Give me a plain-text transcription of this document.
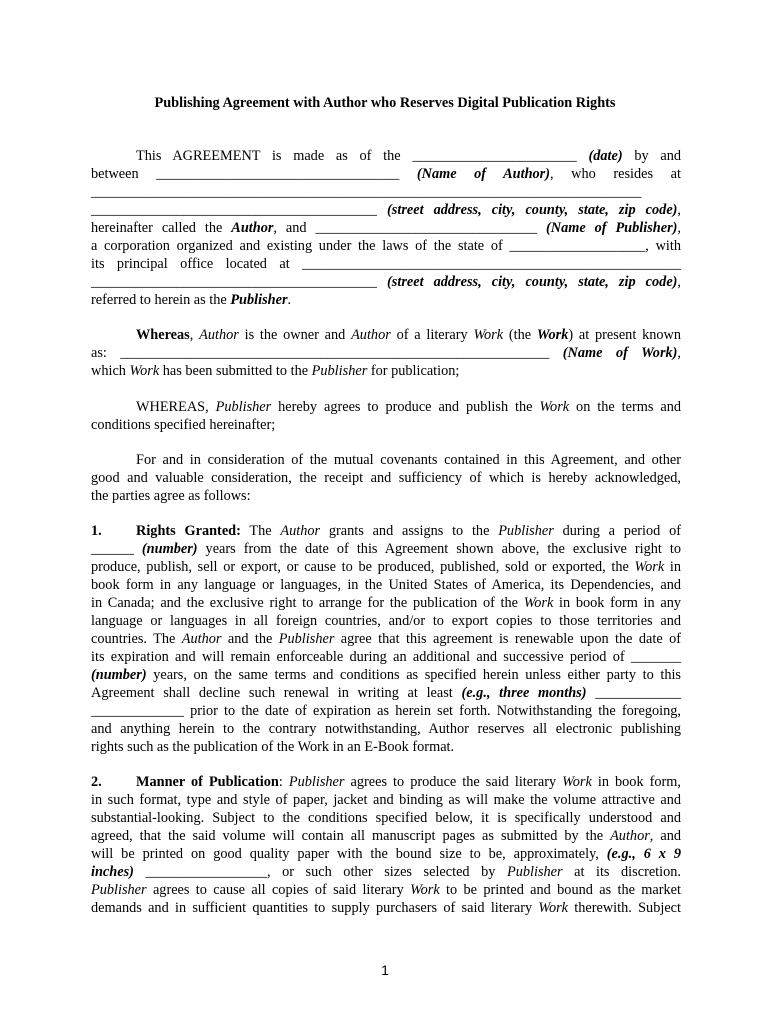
Publishing Agreement with Author who Reserves Digital Publication Rights
This AGREEMENT is made as of the _______________________ (date) by and
between __________________________________ (Name of Author), who resides at
_____________________________________________________________________________
________________________________________ (street address, city, county, state, zip code),
hereinafter called the Author, and _______________________________ (Name of Publisher),
a corporation organized and existing under the laws of the state of ___________________, with
its principal office located at _____________________________________________________
________________________________________ (street address, city, county, state, zip code),
referred to herein as the Publisher.
Whereas, Author is the owner and Author of a literary Work (the Work) at present known
as: ____________________________________________________________ (Name of Work),
which Work has been submitted to the Publisher for publication;
WHEREAS, Publisher hereby agrees to produce and publish the Work on the terms and
conditions specified hereinafter;
For and in consideration of the mutual covenants contained in this Agreement, and other
good and valuable consideration, the receipt and sufficiency of which is hereby acknowledged,
the parties agree as follows:
1. Rights Granted: The Author grants and assigns to the Publisher during a period of
______ (number) years from the date of this Agreement shown above, the exclusive right to
produce, publish, sell or export, or cause to be produced, published, sold or exported, the Work in
book form in any language or languages, in the United States of America, its Dependencies, and
in Canada; and the exclusive right to arrange for the publication of the Work in book form in any
language or languages in all foreign countries, and/or to export copies to those territories and
countries. The Author and the Publisher agree that this agreement is renewable upon the date of
its expiration and will remain enforceable during an additional and successive period of _______
(number) years, on the same terms and conditions as specified herein unless either party to this
Agreement shall decline such renewal in writing at least (e.g., three months) ____________
_____________ prior to the date of expiration as herein set forth. Notwithstanding the foregoing,
and anything herein to the contrary notwithstanding, Author reserves all electronic publishing
rights such as the publication of the Work in an E-Book format.
2. Manner of Publication: Publisher agrees to produce the said literary Work in book form,
in such format, type and style of paper, jacket and binding as will make the volume attractive and
substantial-looking. Subject to the conditions specified below, it is specifically understood and
agreed, that the said volume will contain all manuscript pages as submitted by the Author, and
will be printed on good quality paper with the bound size to be, approximately, (e.g., 6 x 9
inches) _________________, or such other sizes selected by Publisher at its discretion.
Publisher agrees to cause all copies of said literary Work to be printed and bound as the market
demands and in sufficient quantities to supply purchasers of said literary Work therewith. Subject
1
